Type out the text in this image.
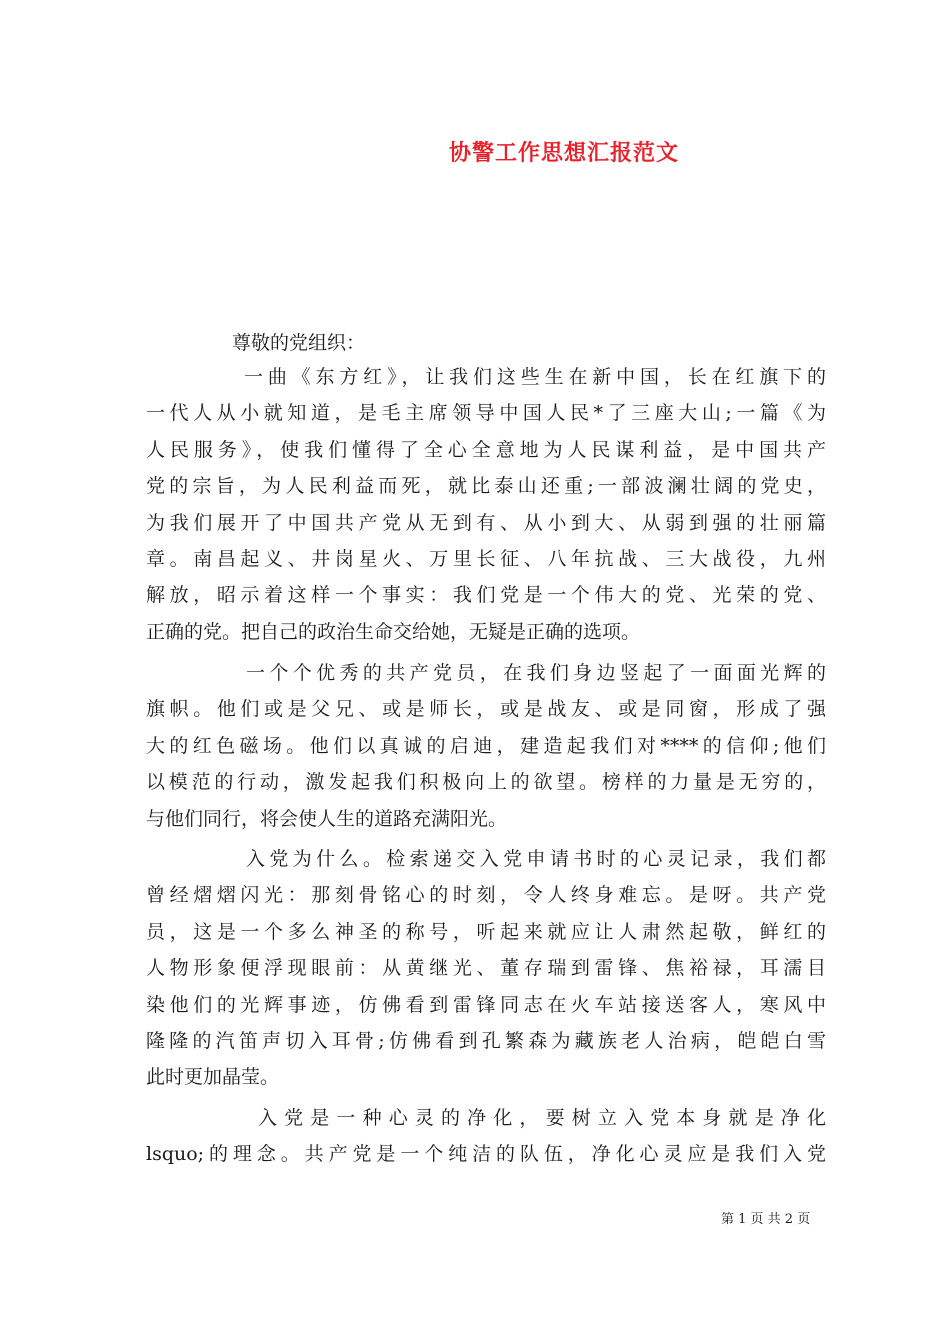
协警工作思想汇报范文
尊敬的党组织：
一曲《东方红》，让我们这些生在新中国，长在红旗下的
一代人从小就知道，是毛主席领导中国人民*了三座大山;一篇《为
人民服务》，使我们懂得了全心全意地为人民谋利益，是中国共产
党的宗旨，为人民利益而死，就比泰山还重;一部波澜壮阔的党史，
为我们展开了中国共产党从无到有、从小到大、从弱到强的壮丽篇
章。南昌起义、井岗星火、万里长征、八年抗战、三大战役，九州
解放，昭示着这样一个事实：我们党是一个伟大的党、光荣的党、
正确的党。把自己的政治生命交给她，无疑是正确的选项。
一个个优秀的共产党员，在我们身边竖起了一面面光辉的
旗帜。他们或是父兄、或是师长，或是战友、或是同窗，形成了强
大的红色磁场。他们以真诚的启迪，建造起我们对****的信仰;他们
以模范的行动，激发起我们积极向上的欲望。榜样的力量是无穷的，
与他们同行，将会使人生的道路充满阳光。
入党为什么。检索递交入党申请书时的心灵记录，我们都
曾经熠熠闪光：那刻骨铭心的时刻，令人终身难忘。是呀。共产党
员，这是一个多么神圣的称号，听起来就应让人肃然起敬，鲜红的
人物形象便浮现眼前：从黄继光、董存瑞到雷锋、焦裕禄，耳濡目
染他们的光辉事迹，仿佛看到雷锋同志在火车站接送客人，寒风中
隆隆的汽笛声切入耳骨;仿佛看到孔繁森为藏族老人治病，皑皑白雪
此时更加晶莹。
入党是一种心灵的净化，要树立入党本身就是净化
lsquo;的理念。共产党是一个纯洁的队伍，净化心灵应是我们入党
第 1 页 共 2 页
